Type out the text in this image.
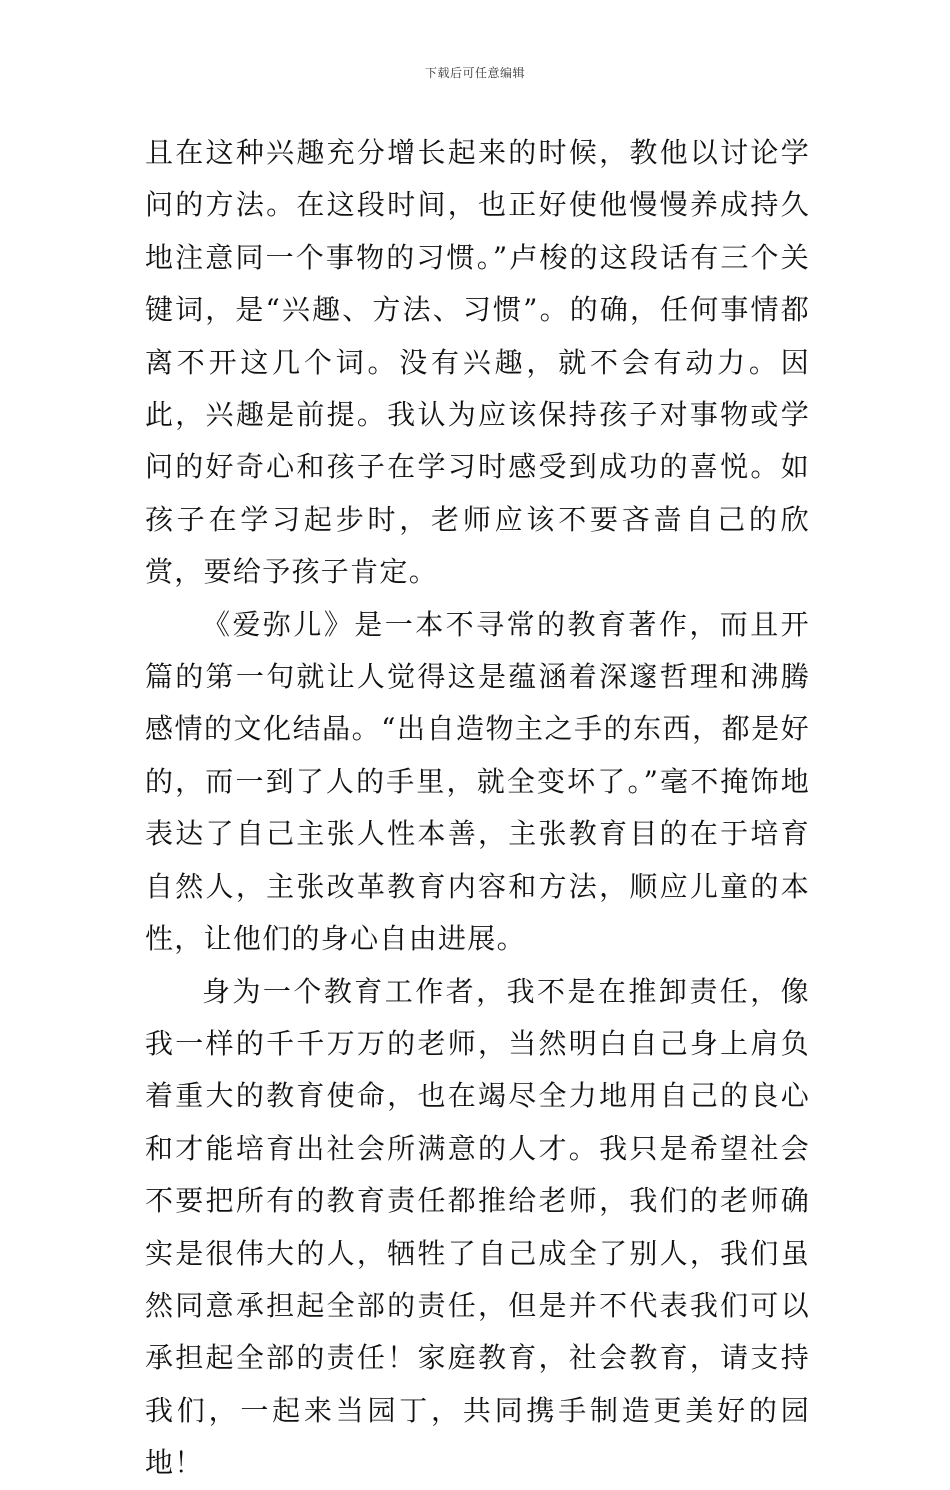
下载后可任意编辑

且在这种兴趣充分增长起来的时候，教他以讨论学问的方法。在这段时间，也正好使他慢慢养成持久地注意同一个事物的习惯。”卢梭的这段话有三个关键词，是“兴趣、方法、习惯”。的确，任何事情都离不开这几个词。没有兴趣，就不会有动力。因此，兴趣是前提。我认为应该保持孩子对事物或学问的好奇心和孩子在学习时感受到成功的喜悦。如孩子在学习起步时，老师应该不要吝啬自己的欣赏，要给予孩子肯定。

《爱弥儿》是一本不寻常的教育著作，而且开篇的第一句就让人觉得这是蕴涵着深邃哲理和沸腾感情的文化结晶。“出自造物主之手的东西，都是好的，而一到了人的手里，就全变坏了。”毫不掩饰地表达了自己主张人性本善，主张教育目的在于培育自然人，主张改革教育内容和方法，顺应儿童的本性，让他们的身心自由进展。

身为一个教育工作者，我不是在推卸责任，像我一样的千千万万的老师，当然明白自己身上肩负着重大的教育使命，也在竭尽全力地用自己的良心和才能培育出社会所满意的人才。我只是希望社会不要把所有的教育责任都推给老师，我们的老师确实是很伟大的人，牺牲了自己成全了别人，我们虽然同意承担起全部的责任，但是并不代表我们可以承担起全部的责任！家庭教育，社会教育，请支持我们，一起来当园丁，共同携手制造更美好的园地！
